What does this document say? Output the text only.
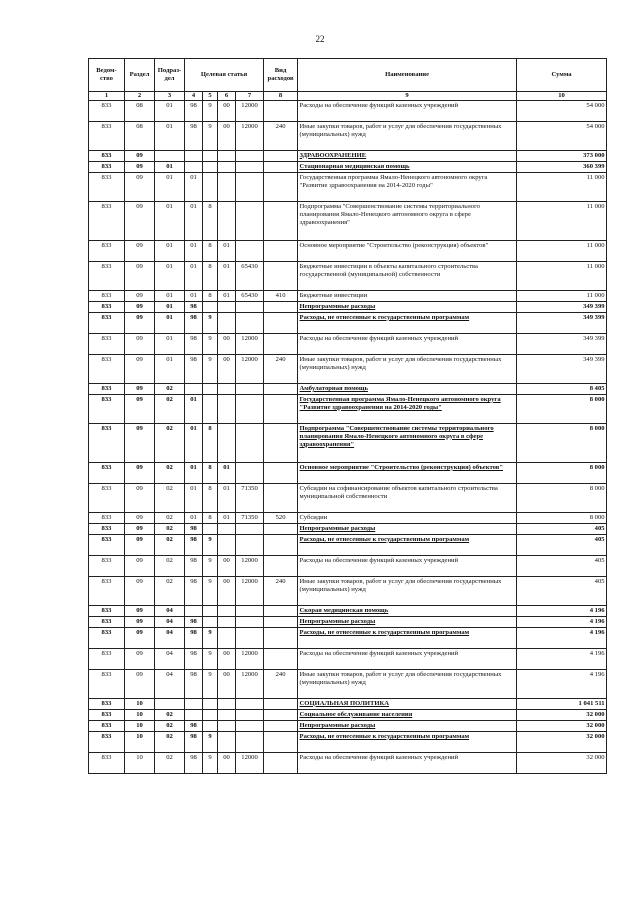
22
Ведом-ство	Раздел	Подраз-дел	Целевая статья				Вид расходов	Наименование	Сумма
1	2	3	4	5	6	7	8	9	10
833	08	01	98	9	00	12000		Расходы на обеспечение функций казенных учреждений	54 000
833	08	01	98	9	00	12000	240	Иные закупки товаров, работ и услуг для обеспечения государственных (муниципальных) нужд	54 000
833	09							ЗДРАВООХРАНЕНИЕ	373 000
833	09	01						Стационарная медицинская помощь	360 399
833	09	01	01					Государственная программа Ямало-Ненецкого автономного округа "Развитие здравоохранения на 2014-2020 годы"	11 000
833	09	01	01	8				Подпрограмма "Совершенствование системы территориального планирования Ямало-Ненецкого автономного округа в сфере здравоохранения"	11 000
833	09	01	01	8	01			Основное мероприятие "Строительство (реконструкция) объектов"	11 000
833	09	01	01	8	01	65430		Бюджетные инвестиции в объекты капитального строительства государственной (муниципальной) собственности	11 000
833	09	01	01	8	01	65430	410	Бюджетные инвестиции	11 000
833	09	01	98					Непрограммные расходы	349 399
833	09	01	98	9				Расходы, не отнесенные к государственным программам	349 399
833	09	01	98	9	00	12000		Расходы на обеспечение функций казенных учреждений	349 399
833	09	01	98	9	00	12000	240	Иные закупки товаров, работ и услуг для обеспечения государственных (муниципальных) нужд	349 399
833	09	02						Амбулаторная помощь	8 405
833	09	02	01					Государственная программа Ямало-Ненецкого автономного округа "Развитие здравоохранения на 2014-2020 годы"	8 000
833	09	02	01	8				Подпрограмма "Совершенствование системы территориального планирования Ямало-Ненецкого автономного округа в сфере здравоохранения"	8 000
833	09	02	01	8	01			Основное мероприятие "Строительство (реконструкция) объектов"	8 000
833	09	02	01	8	01	71350		Субсидии на софинансирование объектов капитального строительства муниципальной собственности	8 000
833	09	02	01	8	01	71350	520	Субсидии	8 000
833	09	02	98					Непрограммные расходы	405
833	09	02	98	9				Расходы, не отнесенные к государственным программам	405
833	09	02	98	9	00	12000		Расходы на обеспечение функций казенных учреждений	405
833	09	02	98	9	00	12000	240	Иные закупки товаров, работ и услуг для обеспечения государственных (муниципальных) нужд	405
833	09	04						Скорая медицинская помощь	4 196
833	09	04	98					Непрограммные расходы	4 196
833	09	04	98	9				Расходы, не отнесенные к государственным программам	4 196
833	09	04	98	9	00	12000		Расходы на обеспечение функций казенных учреждений	4 196
833	09	04	98	9	00	12000	240	Иные закупки товаров, работ и услуг для обеспечения государственных (муниципальных) нужд	4 196
833	10							СОЦИАЛЬНАЯ ПОЛИТИКА	1 041 511
833	10	02						Социальное обслуживание населения	32 000
833	10	02	98					Непрограммные расходы	32 000
833	10	02	98	9				Расходы, не отнесенные к государственным программам	32 000
833	10	02	98	9	00	12000		Расходы на обеспечение функций казенных учреждений	32 000
